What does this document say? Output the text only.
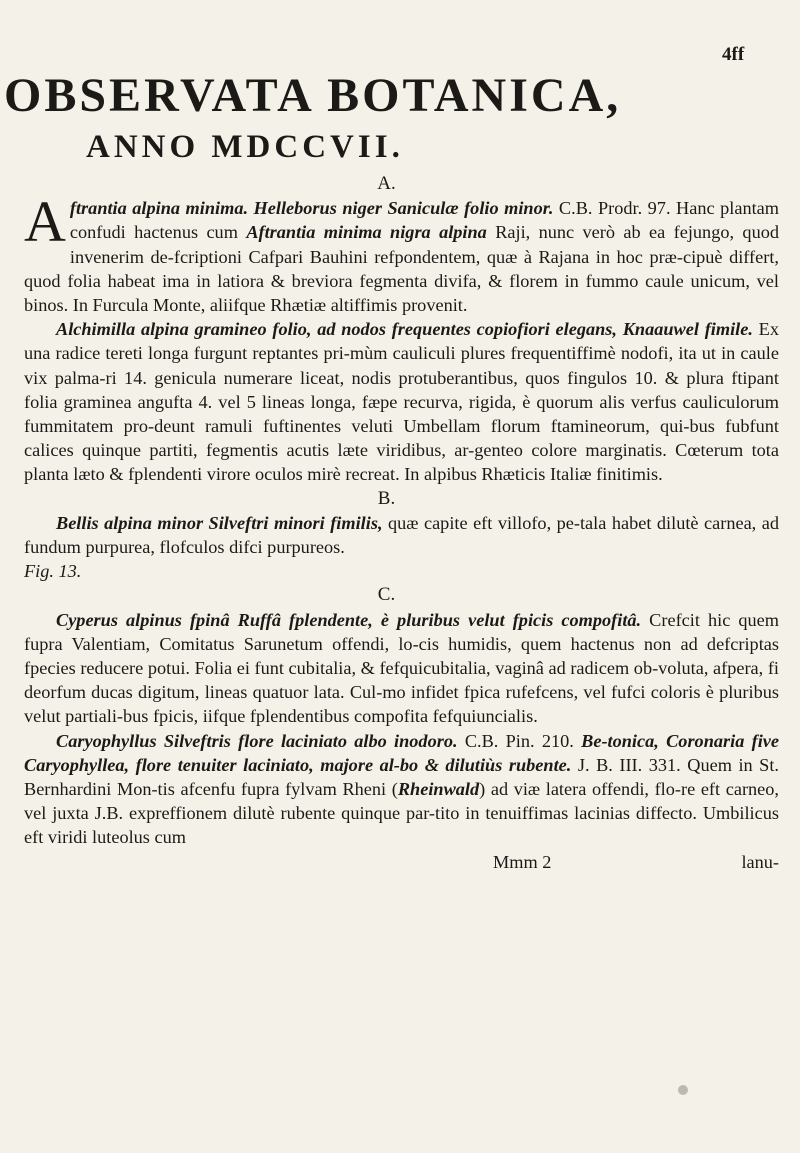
4ff
OBSERVATA BOTANICA,
ANNO MDCCVII.
A.

Aftrantia alpina minima. Helleborus niger Saniculæ folio minor. C.B. Prodr. 97. Hanc plantam confudi hactenus cum Aftrantia minima nigra alpina Raji, nunc verò ab ea fejungo, quod invenerim de-fcriptioni Cafpari Bauhini refpondentem, quæ à Rajana in hoc præ-cipuè differt, quod folia habeat ima in latiora & breviora fegmenta divifa, & florem in fummo caule unicum, vel binos. In Furcula Monte, aliifque Rhætiæ altiffimis provenit.

Alchimilla alpina gramineo folio, ad nodos frequentes copiofiori elegans, Knaauwel fimile. Ex una radice tereti longa furgunt reptantes pri-mùm cauliculi plures frequentiffimè nodofi, ita ut in caule vix palma-ri 14. genicula numerare liceat, nodis protuberantibus, quos fingulos 10. & plura ftipant folia graminea angufta 4. vel 5 lineas longa, fæpe recurva, rigida, è quorum alis verfus cauliculorum fummitatem pro-deunt ramuli fuftinentes veluti Umbellam florum ftamineorum, qui-bus fubfunt calices quinque partiti, fegmentis acutis læte viridibus, ar-genteo colore marginatis. Cœterum tota planta læto & fplendenti virore oculos mirè recreat. In alpibus Rhæticis Italiæ finitimis.

B.

Bellis alpina minor Silveftri minori fimilis, quæ capite eft villofo, pe-tala habet dilutè carnea, ad fundum purpurea, flofculos difci purpureos.

Fig. 13.

C.

Cyperus alpinus fpinâ Ruffâ fplendente, è pluribus velut fpicis compofitâ. Crefcit hic quem fupra Valentiam, Comitatus Sarunetum offendi, lo-cis humidis, quem hactenus non ad defcriptas fpecies reducere potui. Folia ei funt cubitalia, & fefquicubitalia, vaginâ ad radicem ob-voluta, afpera, fi deorfum ducas digitum, lineas quatuor lata. Cul-mo infidet fpica rufefcens, vel fufci coloris è pluribus velut partiali-bus fpicis, iifque fplendentibus compofita fefquiuncialis.

Caryophyllus Silveftris flore laciniato albo inodoro. C.B. Pin. 210. Be-tonica, Coronaria five Caryophyllea, flore tenuiter laciniato, majore al-bo & dilutiùs rubente. J. B. III. 331. Quem in St. Bernhardini Mon-tis afcenfu fupra fylvam Rheni (Rheinwald) ad viæ latera offendi, flo-re eft carneo, vel juxta J.B. expreffionem dilutè rubente quinque par-tito in tenuiffimas lacinias diffecto. Umbilicus eft viridi luteolus cum

Mmm 2	lanu-
